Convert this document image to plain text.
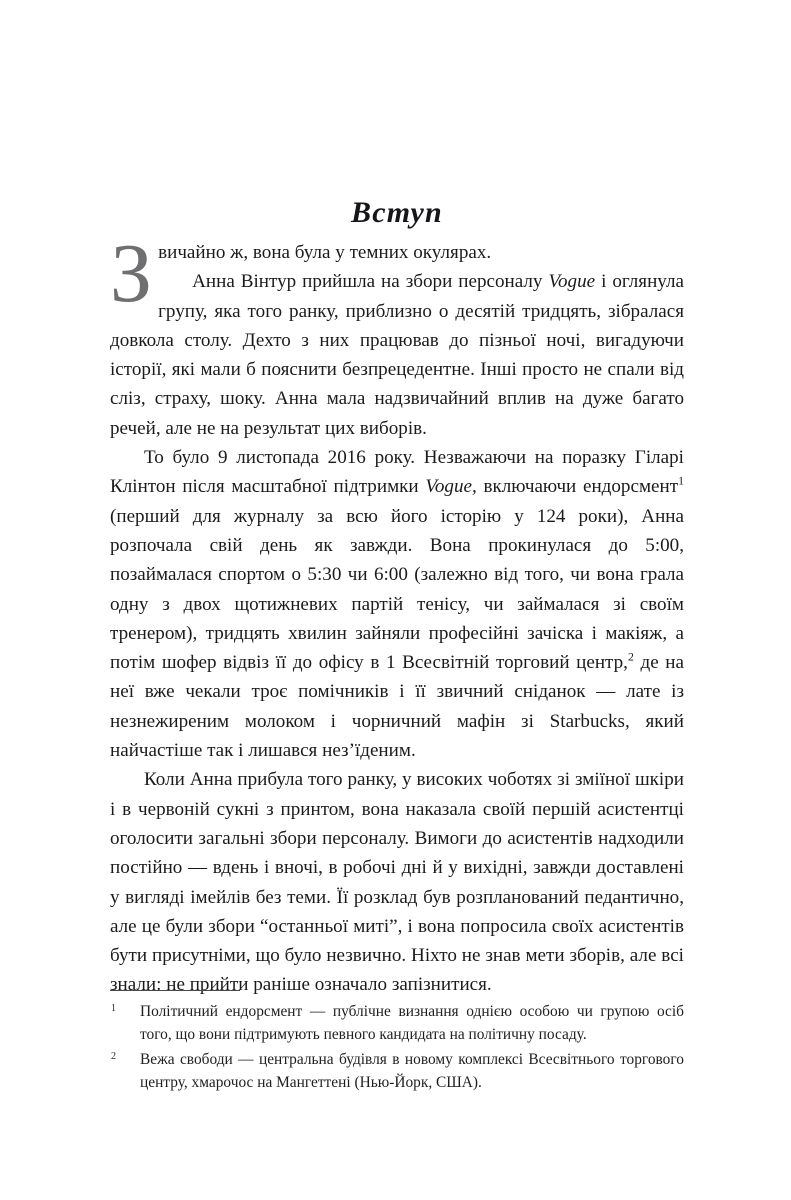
Вступ

Звичайно ж, вона була у темних окулярах.

Анна Вінтур прийшла на збори персоналу Vogue і оглянула групу, яка того ранку, приблизно о десятій тридцять, зібралася довкола столу. Дехто з них працював до пізньої ночі, вигадуючи історії, які мали б пояснити безпрецедентне. Інші просто не спали від сліз, страху, шоку. Анна мала надзвичайний вплив на дуже багато речей, але не на результат цих виборів.

То було 9 листопада 2016 року. Незважаючи на поразку Гіларі Клінтон після масштабної підтримки Vogue, включаючи ендорсмент$^1$ (перший для журналу за всю його історію у 124 роки), Анна розпочала свій день як завжди. Вона прокинулася до 5:00, позаймалася спортом о 5:30 чи 6:00 (залежно від того, чи вона грала одну з двох щотижневих партій тенісу, чи займалася зі своїм тренером), тридцять хвилин зайняли професійні зачіска і макіяж, а потім шофер відвіз її до офісу в 1 Всесвітній торговий центр,$^2$ де на неї вже чекали троє помічників і її звичний сніданок — лате із незнежиреним молоком і чорничний мафін зі Starbucks, який найчастіше так і лишався нез’їденим.

Коли Анна прибула того ранку, у високих чоботях зі зміїної шкіри і в червоній сукні з принтом, вона наказала своїй першій асистентці оголосити загальні збори персоналу. Вимоги до асистентів надходили постійно — вдень і вночі, в робочі дні й у вихідні, завжди доставлені у вигляді імейлів без теми. Її розклад був розпланований педантично, але це були збори “останньої миті”, і вона попросила своїх асистентів бути присутніми, що було незвично. Ніхто не знав мети зборів, але всі знали: не прийти раніше означало запізнитися.

1 Політичний ендорсмент — публічне визнання однією особою чи групою осіб того, що вони підтримують певного кандидата на політичну посаду.
2 Вежа свободи — центральна будівля в новому комплексі Всесвітнього торгового центру, хмарочос на Мангеттені (Нью-Йорк, США).
